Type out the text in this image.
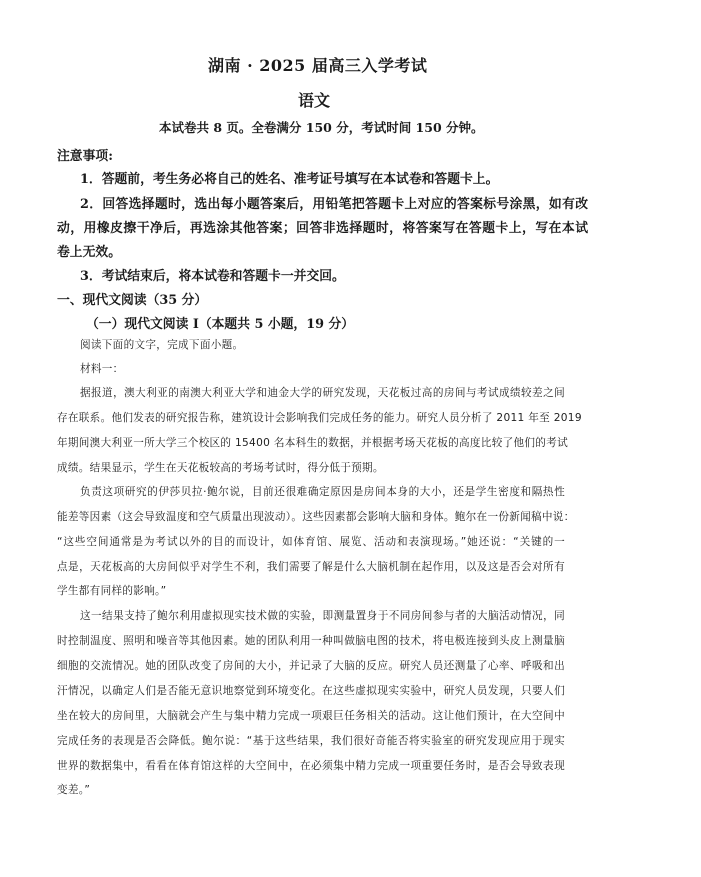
湖南 · 2025 届高三入学考试
语文
本试卷共 8 页。全卷满分 150 分，考试时间 150 分钟。
注意事项:
1．答题前，考生务必将自己的姓名、准考证号填写在本试卷和答题卡上。
2．回答选择题时，选出每小题答案后，用铅笔把答题卡上对应的答案标号涂黑，如有改
动，用橡皮擦干净后，再选涂其他答案；回答非选择题时，将答案写在答题卡上，写在本试
卷上无效。
3．考试结束后，将本试卷和答题卡一并交回。
一、现代文阅读（35 分）
（一）现代文阅读 I（本题共 5 小题，19 分）
阅读下面的文字，完成下面小题。
材料一：
据报道，澳大利亚的南澳大利亚大学和迪金大学的研究发现，天花板过高的房间与考试成绩较差之间
存在联系。他们发表的研究报告称，建筑设计会影响我们完成任务的能力。研究人员分析了 2011 年至 2019
年期间澳大利亚一所大学三个校区的 15400 名本科生的数据，并根据考场天花板的高度比较了他们的考试
成绩。结果显示，学生在天花板较高的考场考试时，得分低于预期。
负责这项研究的伊莎贝拉·鲍尔说，目前还很难确定原因是房间本身的大小，还是学生密度和隔热性
能差等因素（这会导致温度和空气质量出现波动）。这些因素都会影响大脑和身体。鲍尔在一份新闻稿中说：
“这些空间通常是为考试以外的目的而设计，如体育馆、展览、活动和表演现场。”她还说：“关键的一
点是，天花板高的大房间似乎对学生不利，我们需要了解是什么大脑机制在起作用，以及这是否会对所有
学生都有同样的影响。”
这一结果支持了鲍尔利用虚拟现实技术做的实验，即测量置身于不同房间参与者的大脑活动情况，同
时控制温度、照明和噪音等其他因素。她的团队利用一种叫做脑电图的技术，将电极连接到头皮上测量脑
细胞的交流情况。她的团队改变了房间的大小，并记录了大脑的反应。研究人员还测量了心率、呼吸和出
汗情况，以确定人们是否能无意识地察觉到环境变化。在这些虚拟现实实验中，研究人员发现，只要人们
坐在较大的房间里，大脑就会产生与集中精力完成一项艰巨任务相关的活动。这让他们预计，在大空间中
完成任务的表现是否会降低。鲍尔说：“基于这些结果，我们很好奇能否将实验室的研究发现应用于现实
世界的数据集中，看看在体育馆这样的大空间中，在必须集中精力完成一项重要任务时，是否会导致表现
变差。”
